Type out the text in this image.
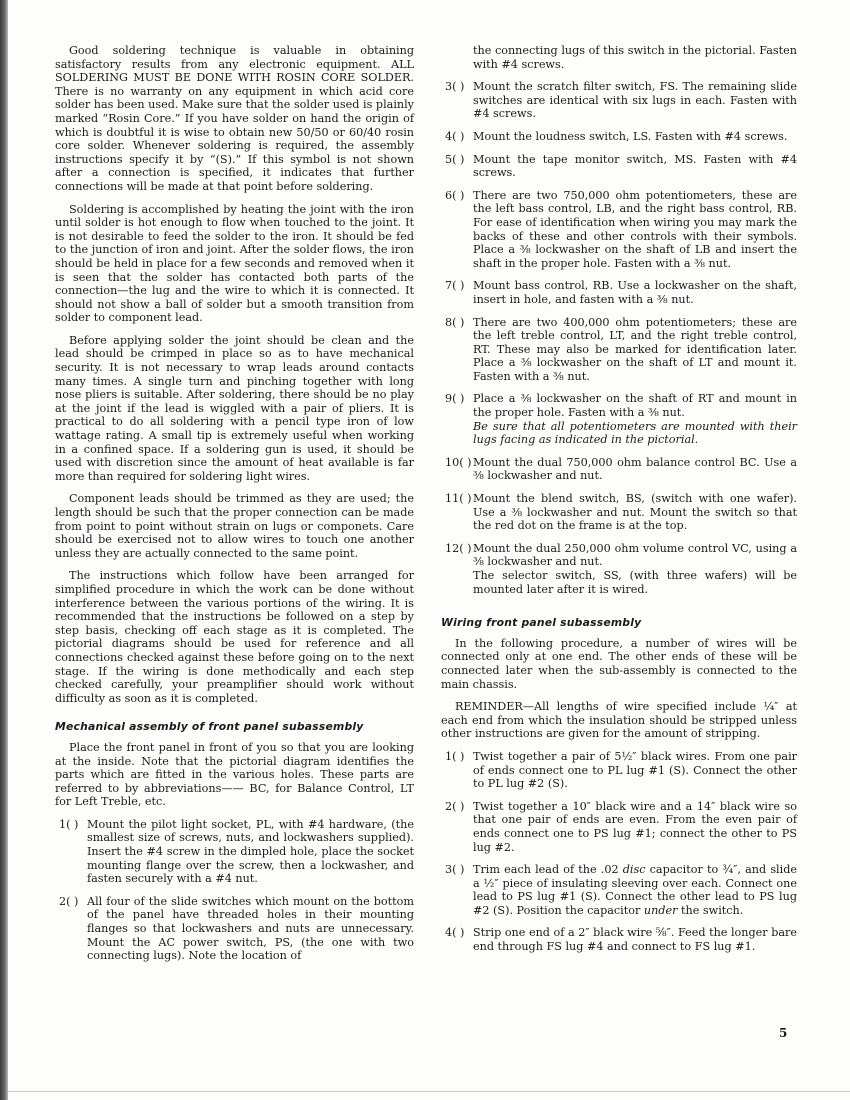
Good soldering technique is valuable in obtaining satisfactory results from any electronic equipment. ALL SOLDERING MUST BE DONE WITH ROSIN CORE SOLDER. There is no warranty on any equipment in which acid core solder has been used. Make sure that the solder used is plainly marked “Rosin Core.” If you have solder on hand the origin of which is doubtful it is wise to obtain new 50/50 or 60/40 rosin core solder. Whenever soldering is required, the assembly instructions specify it by “(S).” If this symbol is not shown after a connection is specified, it indicates that further connections will be made at that point before soldering.

Soldering is accomplished by heating the joint with the iron until solder is hot enough to flow when touched to the joint. It is not desirable to feed the solder to the iron. It should be fed to the junction of iron and joint. After the solder flows, the iron should be held in place for a few seconds and removed when it is seen that the solder has contacted both parts of the connection—the lug and the wire to which it is connected. It should not show a ball of solder but a smooth transition from solder to component lead.

Before applying solder the joint should be clean and the lead should be crimped in place so as to have mechanical security. It is not necessary to wrap leads around contacts many times. A single turn and pinching together with long nose pliers is suitable. After soldering, there should be no play at the joint if the lead is wiggled with a pair of pliers. It is practical to do all soldering with a pencil type iron of low wattage rating. A small tip is extremely useful when working in a confined space. If a soldering gun is used, it should be used with discretion since the amount of heat available is far more than required for soldering light wires.

Component leads should be trimmed as they are used; the length should be such that the proper connection can be made from point to point without strain on lugs or componets. Care should be exercised not to allow wires to touch one another unless they are actually connected to the same point.

The instructions which follow have been arranged for simplified procedure in which the work can be done without interference between the various portions of the wiring. It is recommended that the instructions be followed on a step by step basis, checking off each stage as it is completed. The pictorial diagrams should be used for reference and all connections checked against these before going on to the next stage. If the wiring is done methodically and each step checked carefully, your preamplifier should work without difficulty as soon as it is completed.

Mechanical assembly of front panel subassembly

Place the front panel in front of you so that you are looking at the inside. Note that the pictorial diagram identifies the parts which are fitted in the various holes. These parts are referred to by abbreviations—— BC, for Balance Control, LT for Left Treble, etc.

1( ) Mount the pilot light socket, PL, with #4 hardware, (the smallest size of screws, nuts, and lockwashers supplied). Insert the #4 screw in the dimpled hole, place the socket mounting flange over the screw, then a lockwasher, and fasten securely with a #4 nut.
2( ) All four of the slide switches which mount on the bottom of the panel have threaded holes in their mounting flanges so that lockwashers and nuts are unnecessary. Mount the AC power switch, PS, (the one with two connecting lugs). Note the location of
the connecting lugs of this switch in the pictorial. Fasten with #4 screws.
3( ) Mount the scratch filter switch, FS. The remaining slide switches are identical with six lugs in each. Fasten with #4 screws.
4( ) Mount the loudness switch, LS. Fasten with #4 screws.
5( ) Mount the tape monitor switch, MS. Fasten with #4 screws.
6( ) There are two 750,000 ohm potentiometers, these are the left bass control, LB, and the right bass control, RB. For ease of identification when wiring you may mark the backs of these and other controls with their symbols. Place a ⅜ lockwasher on the shaft of LB and insert the shaft in the proper hole. Fasten with a ⅜ nut.
7( ) Mount bass control, RB. Use a lockwasher on the shaft, insert in hole, and fasten with a ⅜ nut.
8( ) There are two 400,000 ohm potentiometers; these are the left treble control, LT, and the right treble control, RT. These may also be marked for identification later. Place a ⅜ lockwasher on the shaft of LT and mount it. Fasten with a ⅜ nut.
9( ) Place a ⅜ lockwasher on the shaft of RT and mount in the proper hole. Fasten with a ⅜ nut.
Be sure that all potentiometers are mounted with their lugs facing as indicated in the pictorial.
10( ) Mount the dual 750,000 ohm balance control BC. Use a ⅜ lockwasher and nut.
11( ) Mount the blend switch, BS, (switch with one wafer). Use a ⅜ lockwasher and nut. Mount the switch so that the red dot on the frame is at the top.
12( ) Mount the dual 250,000 ohm volume control VC, using a ⅜ lockwasher and nut.
The selector switch, SS, (with three wafers) will be mounted later after it is wired.
Wiring front panel subassembly

In the following procedure, a number of wires will be connected only at one end. The other ends of these will be connected later when the sub-assembly is connected to the main chassis.

REMINDER—All lengths of wire specified include ¼″ at each end from which the insulation should be stripped unless other instructions are given for the amount of stripping.

1( ) Twist together a pair of 5½″ black wires. From one pair of ends connect one to PL lug #1 (S). Connect the other to PL lug #2 (S).
2( ) Twist together a 10″ black wire and a 14″ black wire so that one pair of ends are even. From the even pair of ends connect one to PS lug #1; connect the other to PS lug #2.
3( ) Trim each lead of the .02 disc capacitor to ¾″, and slide a ½″ piece of insulating sleeving over each. Connect one lead to PS lug #1 (S). Connect the other lead to PS lug #2 (S). Position the capacitor under the switch.
4( ) Strip one end of a 2″ black wire ⅝″. Feed the longer bare end through FS lug #4 and connect to FS lug #1.
5
